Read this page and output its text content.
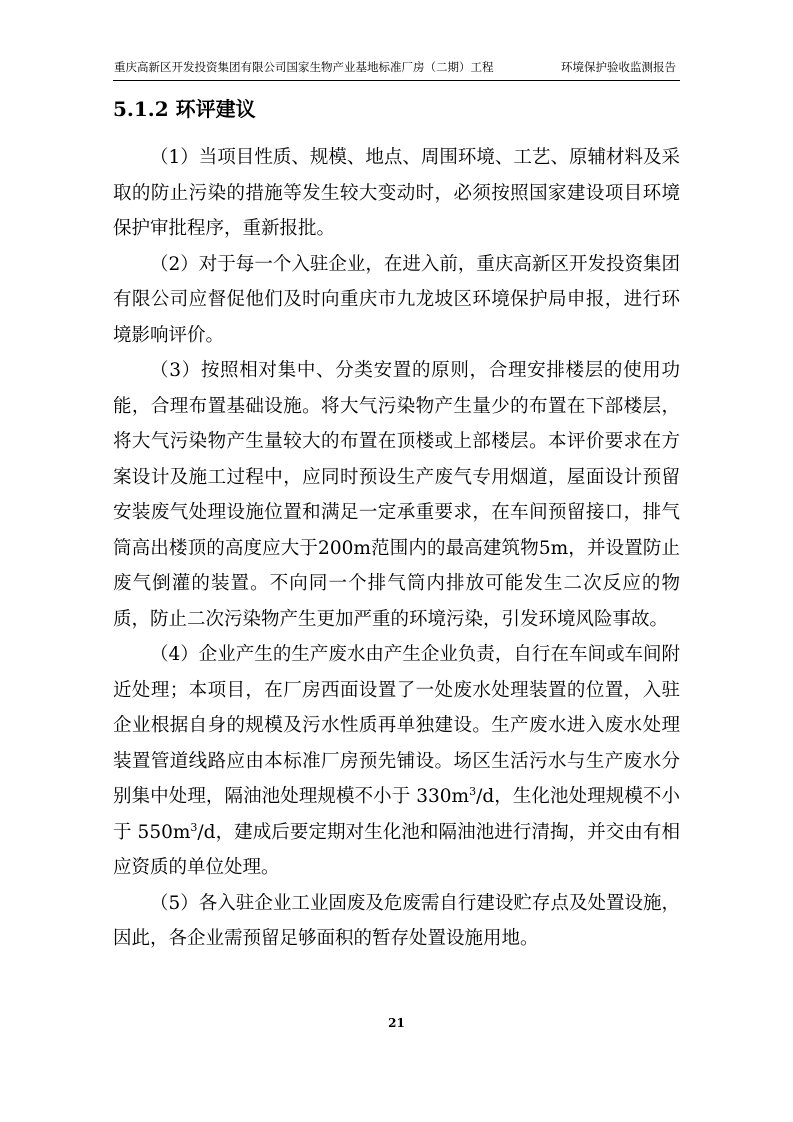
重庆高新区开发投资集团有限公司国家生物产业基地标准厂房（二期）工程	环境保护验收监测报告
5.1.2 环评建议

（1）当项目性质、规模、地点、周围环境、工艺、原辅材料及采取的防止污染的措施等发生较大变动时，必须按照国家建设项目环境保护审批程序，重新报批。

（2）对于每一个入驻企业，在进入前，重庆高新区开发投资集团有限公司应督促他们及时向重庆市九龙坡区环境保护局申报，进行环境影响评价。

（3）按照相对集中、分类安置的原则，合理安排楼层的使用功能，合理布置基础设施。将大气污染物产生量少的布置在下部楼层，将大气污染物产生量较大的布置在顶楼或上部楼层。本评价要求在方案设计及施工过程中，应同时预设生产废气专用烟道，屋面设计预留安装废气处理设施位置和满足一定承重要求，在车间预留接口，排气筒高出楼顶的高度应大于200m范围内的最高建筑物5m，并设置防止废气倒灌的装置。不向同一个排气筒内排放可能发生二次反应的物质，防止二次污染物产生更加严重的环境污染，引发环境风险事故。

（4）企业产生的生产废水由产生企业负责，自行在车间或车间附近处理；本项目，在厂房西面设置了一处废水处理装置的位置，入驻企业根据自身的规模及污水性质再单独建设。生产废水进入废水处理装置管道线路应由本标准厂房预先铺设。场区生活污水与生产废水分别集中处理，隔油池处理规模不小于 $330m^3/d$，生化池处理规模不小于 $550m^3/d$，建成后要定期对生化池和隔油池进行清掏，并交由有相应资质的单位处理。

（5）各入驻企业工业固废及危废需自行建设贮存点及处置设施，因此，各企业需预留足够面积的暂存处置设施用地。

21
